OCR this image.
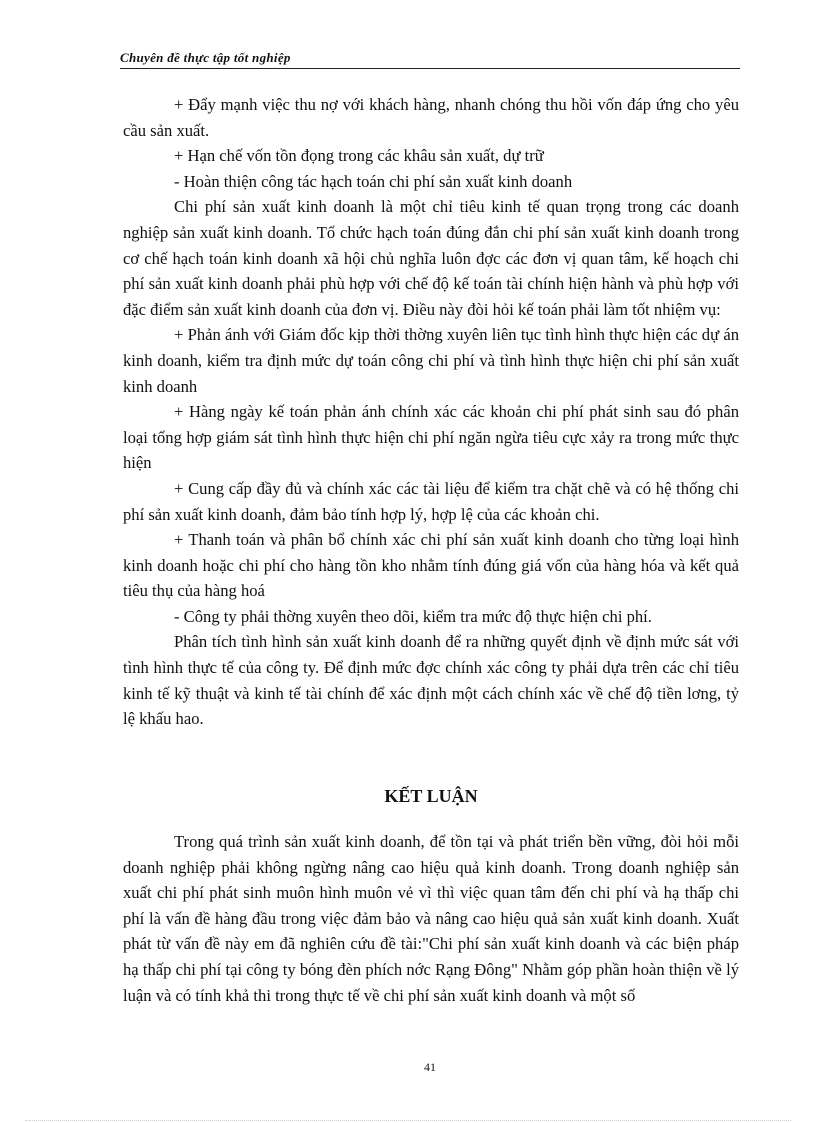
Chuyên đề thực tập tốt nghiệp

+ Đẩy mạnh việc thu nợ với khách hàng, nhanh chóng thu hồi vốn đáp ứng cho yêu cầu sản xuất.

+ Hạn chế vốn tồn đọng trong các khâu sản xuất, dự trữ

- Hoàn thiện công tác hạch toán chi phí sản xuất kinh doanh

Chi phí sản xuất kinh doanh là một chỉ tiêu kinh tế quan trọng trong các doanh nghiệp sản xuất kinh doanh. Tổ chức hạch toán đúng đắn chi phí sản xuất kinh doanh trong cơ chế hạch toán kinh doanh xã hội chủ nghĩa luôn đợc các đơn vị quan tâm, kế hoạch chi phí sản xuất kinh doanh phải phù hợp với chế độ kế toán tài chính hiện hành và phù hợp với đặc điểm sản xuất kinh doanh của đơn vị. Điều này đòi hỏi kế toán phải làm tốt nhiệm vụ:

+ Phản ánh với Giám đốc kịp thời thờng xuyên liên tục tình hình thực hiện các dự án kinh doanh, kiểm tra định mức dự toán công chi phí và tình hình thực hiện chi phí sản xuất kinh doanh

+ Hàng ngày kế toán phản ánh chính xác các khoản chi phí phát sinh sau đó phân loại tổng hợp giám sát tình hình thực hiện chi phí ngăn ngừa tiêu cực xảy ra trong mức thực hiện

+ Cung cấp đầy đủ và chính xác các tài liệu để kiểm tra chặt chẽ và có hệ thống chi phí sản xuất kinh doanh, đảm bảo tính hợp lý, hợp lệ của các khoản chi.

+ Thanh toán và phân bổ chính xác chi phí sản xuất kinh doanh cho từng loại hình kinh doanh hoặc chi phí cho hàng tồn kho nhằm tính đúng giá vốn của hàng hóa và kết quả tiêu thụ của hàng hoá

- Công ty phải thờng xuyên theo dõi, kiểm tra mức độ thực hiện chi phí.

Phân tích tình hình sản xuất kinh doanh để ra những quyết định về định mức sát với tình hình thực tế của công ty. Để định mức đợc chính xác công ty phải dựa trên các chỉ tiêu kinh tế kỹ thuật và kinh tế tài chính để xác định một cách chính xác về chế độ tiền lơng, tỷ lệ khấu hao.

KẾT LUẬN

Trong quá trình sản xuất kinh doanh, để tồn tại và phát triển bền vững, đòi hỏi mỗi doanh nghiệp phải không ngừng nâng cao hiệu quả kinh doanh. Trong doanh nghiệp sản xuất chi phí phát sinh muôn hình muôn vẻ vì thì việc quan tâm đến chi phí và hạ thấp chi phí là vấn đề hàng đầu trong việc đảm bảo và nâng cao hiệu quả sản xuất kinh doanh. Xuất phát từ vấn đề này em đã nghiên cứu đề tài:"Chi phí sản xuất kinh doanh và các biện pháp hạ thấp chi phí tại công ty bóng đèn phích nớc Rạng Đông" Nhằm góp phần hoàn thiện về lý luận và có tính khả thi trong thực tế về chi phí sản xuất kinh doanh và một số

41
